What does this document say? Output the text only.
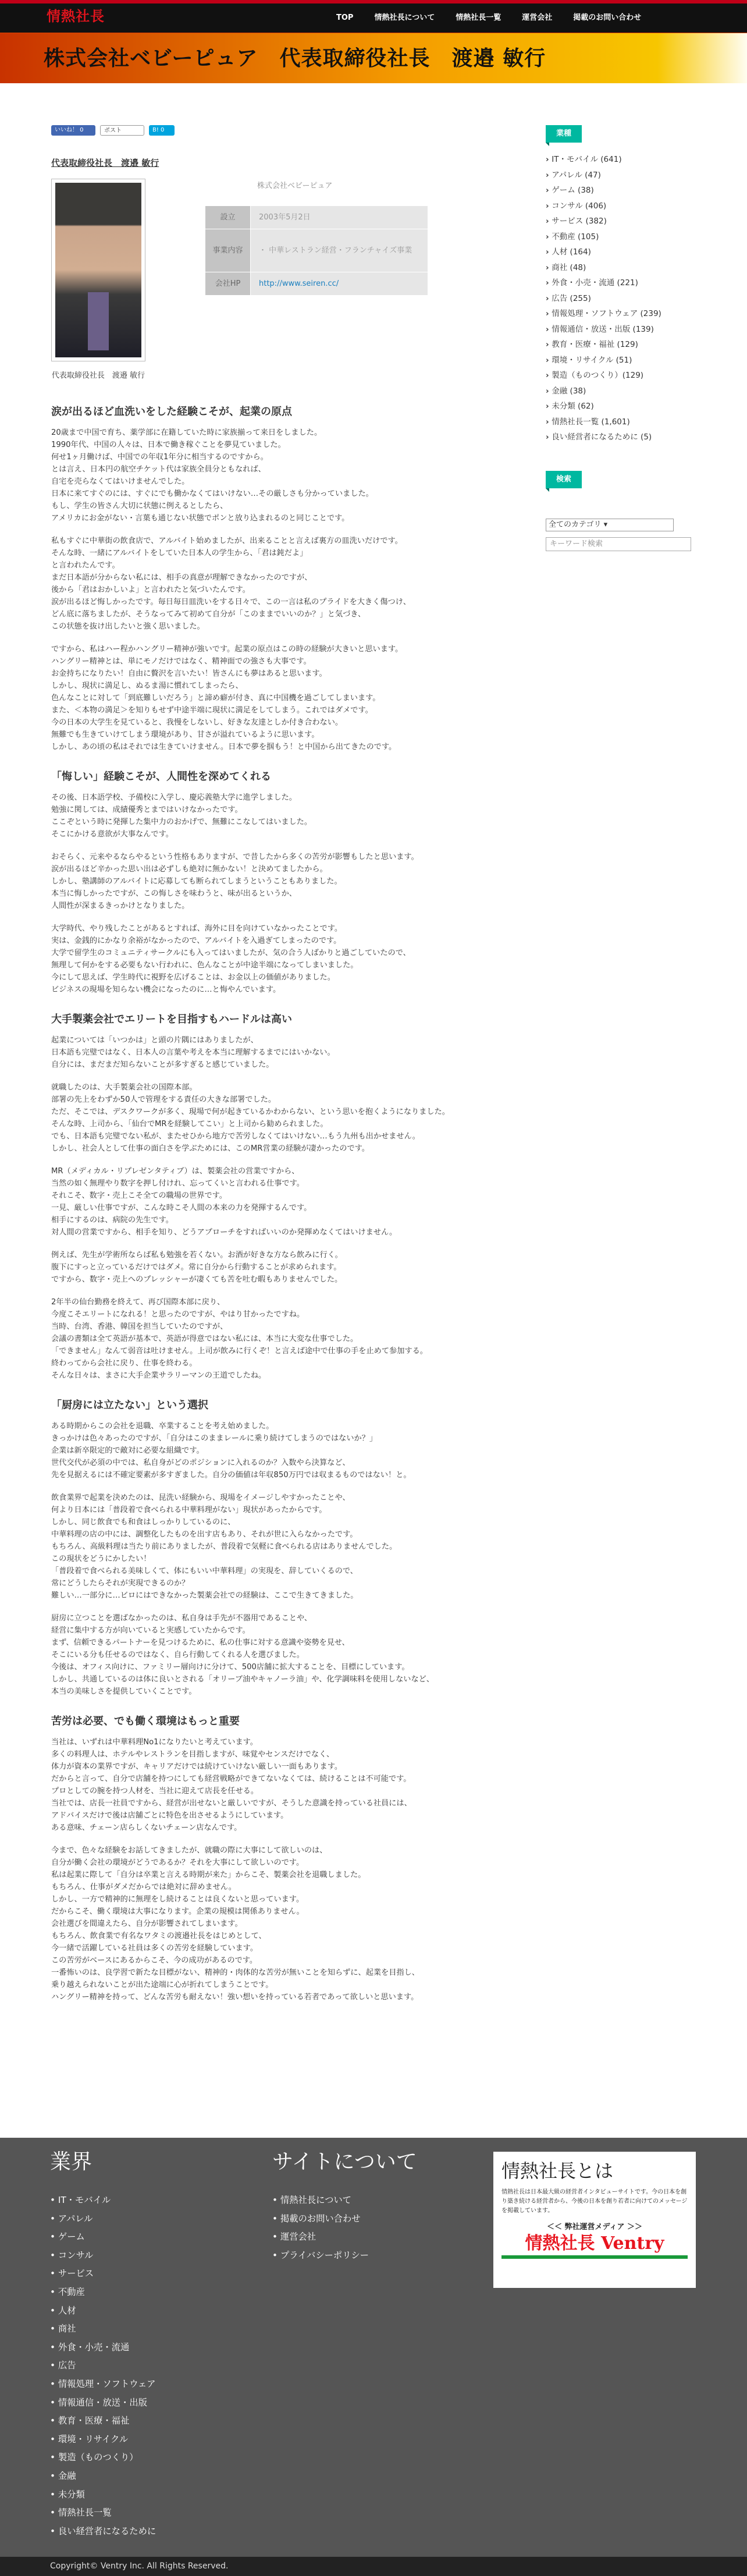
情熱社長	TOP	情熱社長について	情熱社長一覧	運営会社	掲載のお問い合わせ
株式会社ベビーピュア　代表取締役社長　渡邉 敏行
いいね！ 0	ポスト	B! 0
代表取締役社長　渡邉 敏行
代表取締役社長　渡邉 敏行
株式会社ベビーピュア
設立	2003年5月2日
事業内容	・ 中華レストラン経営・フランチャイズ事業
会社HP	http://www.seiren.cc/
涙が出るほど血洗いをした経験こそが、起業の原点

20歳まで中国で育ち、薬学部に在籍していた時に家族揃って来日をしました。
1990年代、中国の人々は、日本で働き稼ぐことを夢見ていました。
何せ1ヶ月働けば、中国での年収1年分に相当するのですから。
とは言え、日本円の航空チケット代は家族全員分ともなれば、
自宅を売らなくてはいけませんでした。
日本に来てすぐのには、すぐにでも働かなくてはいけない…その厳しさも分かっていました。
もし、学生の皆さん大切に状態に例えるとしたら、
アメリカにお金がない・言葉も通じない状態でポンと放り込まれるのと同じことです。

私もすぐに中華街の飲食店で、アルバイト始めましたが、出来ることと言えば裏方の皿洗いだけです。
そんな時、一緒にアルバイトをしていた日本人の学生から、「君は鈍だよ」
と言われたんです。
まだ日本語が分からない私には、相手の真意が理解できなかったのですが、
後から「君はおかしいよ」と言われたと気づいたんです。
涙が出るほど悔しかったです。毎日毎日皿洗いをする日々で、この一言は私のプライドを大きく傷つけ、
どん底に落ちましたが、そうなってみて初めて自分が「このままでいいのか？」と気づき、
この状態を抜け出したいと強く思いました。

ですから、私はハー程かハングリー精神が強いです。起業の原点はこの時の経験が大きいと思います。
ハングリー精神とは、単にモノだけではなく、精神面での強さも大事です。
お金持ちになりたい！自由に贅沢を言いたい！皆さんにも夢はあると思います。
しかし、現状に満足し、ぬるま湯に慣れてしまったら、
色んなことに対して「到底難しいだろう」と諦め癖が付き、真に中国機を過ごしてしまいます。
また、＜本物の満足＞を知りもせず中途半端に現状に満足をしてしまう。これではダメです。
今の日本の大学生を見ていると、我慢をしないし、好きな友達としか付き合わない。
無難でも生きていけてしまう環境があり、甘さが溢れているように思います。
しかし、あの頃の私はそれでは生きていけません。日本で夢を掴もう！と中国から出てきたのです。

「悔しい」経験こそが、人間性を深めてくれる

その後、日本語学校、予備校に入学し、慶応義塾大学に進学しました。
勉強に関しては、成績優秀とまではいけなかったです。
ここぞという時に発揮した集中力のおかげで、無難にこなしてはいました。
そこにかける意欲が大事なんです。

おそらく、元来やるならやるという性格もありますが、で昔したから多くの苦労が影響もしたと思います。
涙が出るほど辛かった思い出は必ずしも絶対に無かない！と決めてましたから。
しかし、塾講師のアルバイトに応募しても断られてしまうということもありました。
本当に悔しかったですが、この悔しさを味わうと、味が出るというか、
人間性が深まるきっかけとなりました。

大学時代、やり残したことがあるとすれば、海外に目を向けていなかったことです。
実は、金銭的にかなり余裕がなかったので、アルバイトを入過ぎてしまったのです。
大学で留学生のコミュニティサークルにも入ってはいましたが、気の合う人ばかりと過ごしていたので、
無理して何かをする必要もない行われに、色んなことが中途半端になってしまいました。
今にして思えば、学生時代に視野を広げることは、お金以上の価値がありました。
ビジネスの現場を知らない機会になったのに…と悔やんでいます。

大手製薬会社でエリートを目指すもハードルは高い

起業については「いつかは」と頭の片隅にはありましたが、
日本語も完璧ではなく、日本人の言葉や考えを本当に理解するまでにはいかない。
自分には、まだまだ知らないことが多すぎると感じていました。

就職したのは、大手製薬会社の国際本部。
部署の先上をわずか50人で管理をする責任の大きな部署でした。
ただ、そこでは、デスクワークが多く、現場で何が起きているかわからない、という思いを抱くようになりました。
そんな時、上司から、「仙台でMRを経験してこい」と上司から勧められました。
でも、日本語も完璧でない私が、またせひから地方で苦労しなくてはいけない…もう九州も出かせません。
しかし、社会人として仕事の面白さを学ぶためには、このMR営業の経験が凄かったのです。

MR（メディカル・リプレゼンタティブ）は、製薬会社の営業ですから、
当然の如く無理やり数字を押し付けれ、忘ってくいと言われる仕事です。
それこそ、数字・売上こそ全ての職場の世界です。
一見、厳しい仕事ですが、こんな時こそ人間の本来の力を発揮するんです。
相手にするのは、病院の先生です。
対人間の営業ですから、相手を知り、どうアプローチをすればいいのか発揮めなくてはいけません。

例えば、先生が学術所ならば私も勉強を若くない。お酒が好きな方なら飲みに行く。
腹下にすっと立っているだけではダメ。常に自分から行動することが求められます。
ですから、数字・売上へのプレッシャーが凄くても苦を吐む暇もありませんでした。

2年半の仙台勤務を終えて、再び国際本部に戻り、
今度こそエリートになれる！と思ったのですが、やはり甘かったですね。
当時、台湾、香港、韓国を担当していたのですが、
会議の書類は全て英語が基本で、英語が得意ではない私には、本当に大変な仕事でした。
「できません」なんて弱音は吐けません。上司が飲みに行くぞ！と言えば途中で仕事の手を止めて参加する。
終わってから会社に戻り、仕事を終わる。
そんな日々は、まさに大手企業サラリーマンの王道でしたね。

「厨房には立たない」という選択

ある時期からこの会社を退職、卒業することを考え始めました。
きっかけは色々あったのですが、「自分はこのままレールに乗り続けてしまうのではないか？」
企業は新卒限定的で敵対に必要な組織です。
世代交代が必須の中では、私自身がどのポジションに入れるのか？入数やら決算など、
先を見据えるには不確定要素が多すぎました。自分の価値は年収850万円では収まるものではない！と。

飲食業界で起業を決めたのは、昆洗い経験から、現場をイメージしやすかったことや、
何より日本には「普段着で食べられる中華料理がない」現状があったからです。
しかし、同じ飲食でも和食はしっかりしているのに、
中華料理の店の中には、調整化したものを出す店もあり、それが世に入らなかったです。
もちろん、高級料理は当たり前にありましたが、普段着で気軽に食べられる店はありませんでした。
この現状をどうにかしたい！
「普段着で食べられる美味しくて、体にもいい中華料理」の実現を、辞していくるので、
常にどうしたらそれが実現できるのか？
難しい…一部分に…ビロにはできなかった製薬会社での経験は、ここで生きてきました。

厨房に立つことを選ばなかったのは、私自身は手先が不器用であることや、
経営に集中する方が向いていると実感していたからです。
まず、信頼できるパートナーを見つけるために、私の仕事に対する意識や姿勢を見せ、
そこにいる分も任せるのではなく、自ら行動してくれる人を選びました。
今後は、オフィス向けに、ファミリー層向けに分けて、500店舗に拡大することを、目標にしています。
しかし、共通しているのは体に良いとされる「オリーブ油やキャノーラ油」や、化学調味料を使用しないなど、
本当の美味しさを提供していくことです。

苦労は必要、でも働く環境はもっと重要

当社は、いずれは中華料理No1になりたいと考えています。
多くの料理人は、ホテルやレストランを目指しますが、味覚やセンスだけでなく、
体力が資本の業界ですが、キャリアだけでは続けていけない厳しい一面もあります。
だからと言って、自分で店舗を持つにしても経営戦略ができてないなくては、続けることは不可能です。
プロとしての腕を持つ人材を、当社に迎えて店長を任せる。
当社では、店長一社員ですから、経営が出せないと厳しいですが、そうした意識を持っている社員には、
アドバイスだけで後は店舗ごとに特色を出させるようにしています。
ある意味、チェーン店らしくないチェーン店なんです。

今まで、色々な経験をお話してきましたが、就職の際に大事にして欲しいのは、
自分が働く会社の環境がどうであるか？それを大事にして欲しいのです。
私は起業に際して「自分は卒業と言える時期が来た」からこそ、製薬会社を退職しました。
もちろん、仕事がダメだからでは絶対に辞めません。
しかし、一方で精神的に無理をし続けることは良くないと思っています。
だからこそ、働く環境は大事になります。企業の規模は関係ありません。
会社選びを間違えたら、自分が影響されてしまいます。
もちろん、飲食業で有名なワタミの渡邉社長をはじめとして、
今一緒で活躍している社員は多くの苦労を経験しています。
この苦労がベースにあるからこそ、今の成功があるのです。
一番怖いのは、良学習で新たな目標がない、精神的・肉体的な苦労が無いことを知らずに、起業を目指し、
乗り越えられないことが出た途端に心が折れてしまうことです。
ハングリー精神を持って、どんな苦労も耐えない！強い想いを持っている若者であって欲しいと思います。

業種
› IT・モバイル (641)
› アパレル (47)
› ゲーム (38)
› コンサル (406)
› サービス (382)
› 不動産 (105)
› 人材 (164)
› 商社 (48)
› 外食・小売・流通 (221)
› 広告 (255)
› 情報処理・ソフトウェア (239)
› 情報通信・放送・出版 (139)
› 教育・医療・福祉 (129)
› 環境・リサイクル (51)
› 製造（ものつくり）(129)
› 金融 (38)
› 未分類 (62)
› 情熱社長一覧 (1,601)
› 良い経営者になるために (5)
検索
全てのカテゴリ ▾
キーワード検索
業界
• IT・モバイル
• アパレル
• ゲーム
• コンサル
• サービス
• 不動産
• 人材
• 商社
• 外食・小売・流通
• 広告
• 情報処理・ソフトウェア
• 情報通信・放送・出版
• 教育・医療・福祉
• 環境・リサイクル
• 製造（ものつくり）
• 金融
• 未分類
• 情熱社長一覧
• 良い経営者になるために
サイトについて
• 情熱社長について
• 掲載のお問い合わせ
• 運営会社
• プライバシーポリシー
情熱社長とは
情熱社長は日本最大級の経営者インタビューサイトです。今の日本を創り築き続ける経営者から、今後の日本を創り若者に向けてのメッセージを掲載しています。
＜＜ 弊社運営メディア ＞＞
情熱社長 Ventry
Copyright© Ventry Inc. All Rights Reserved.
